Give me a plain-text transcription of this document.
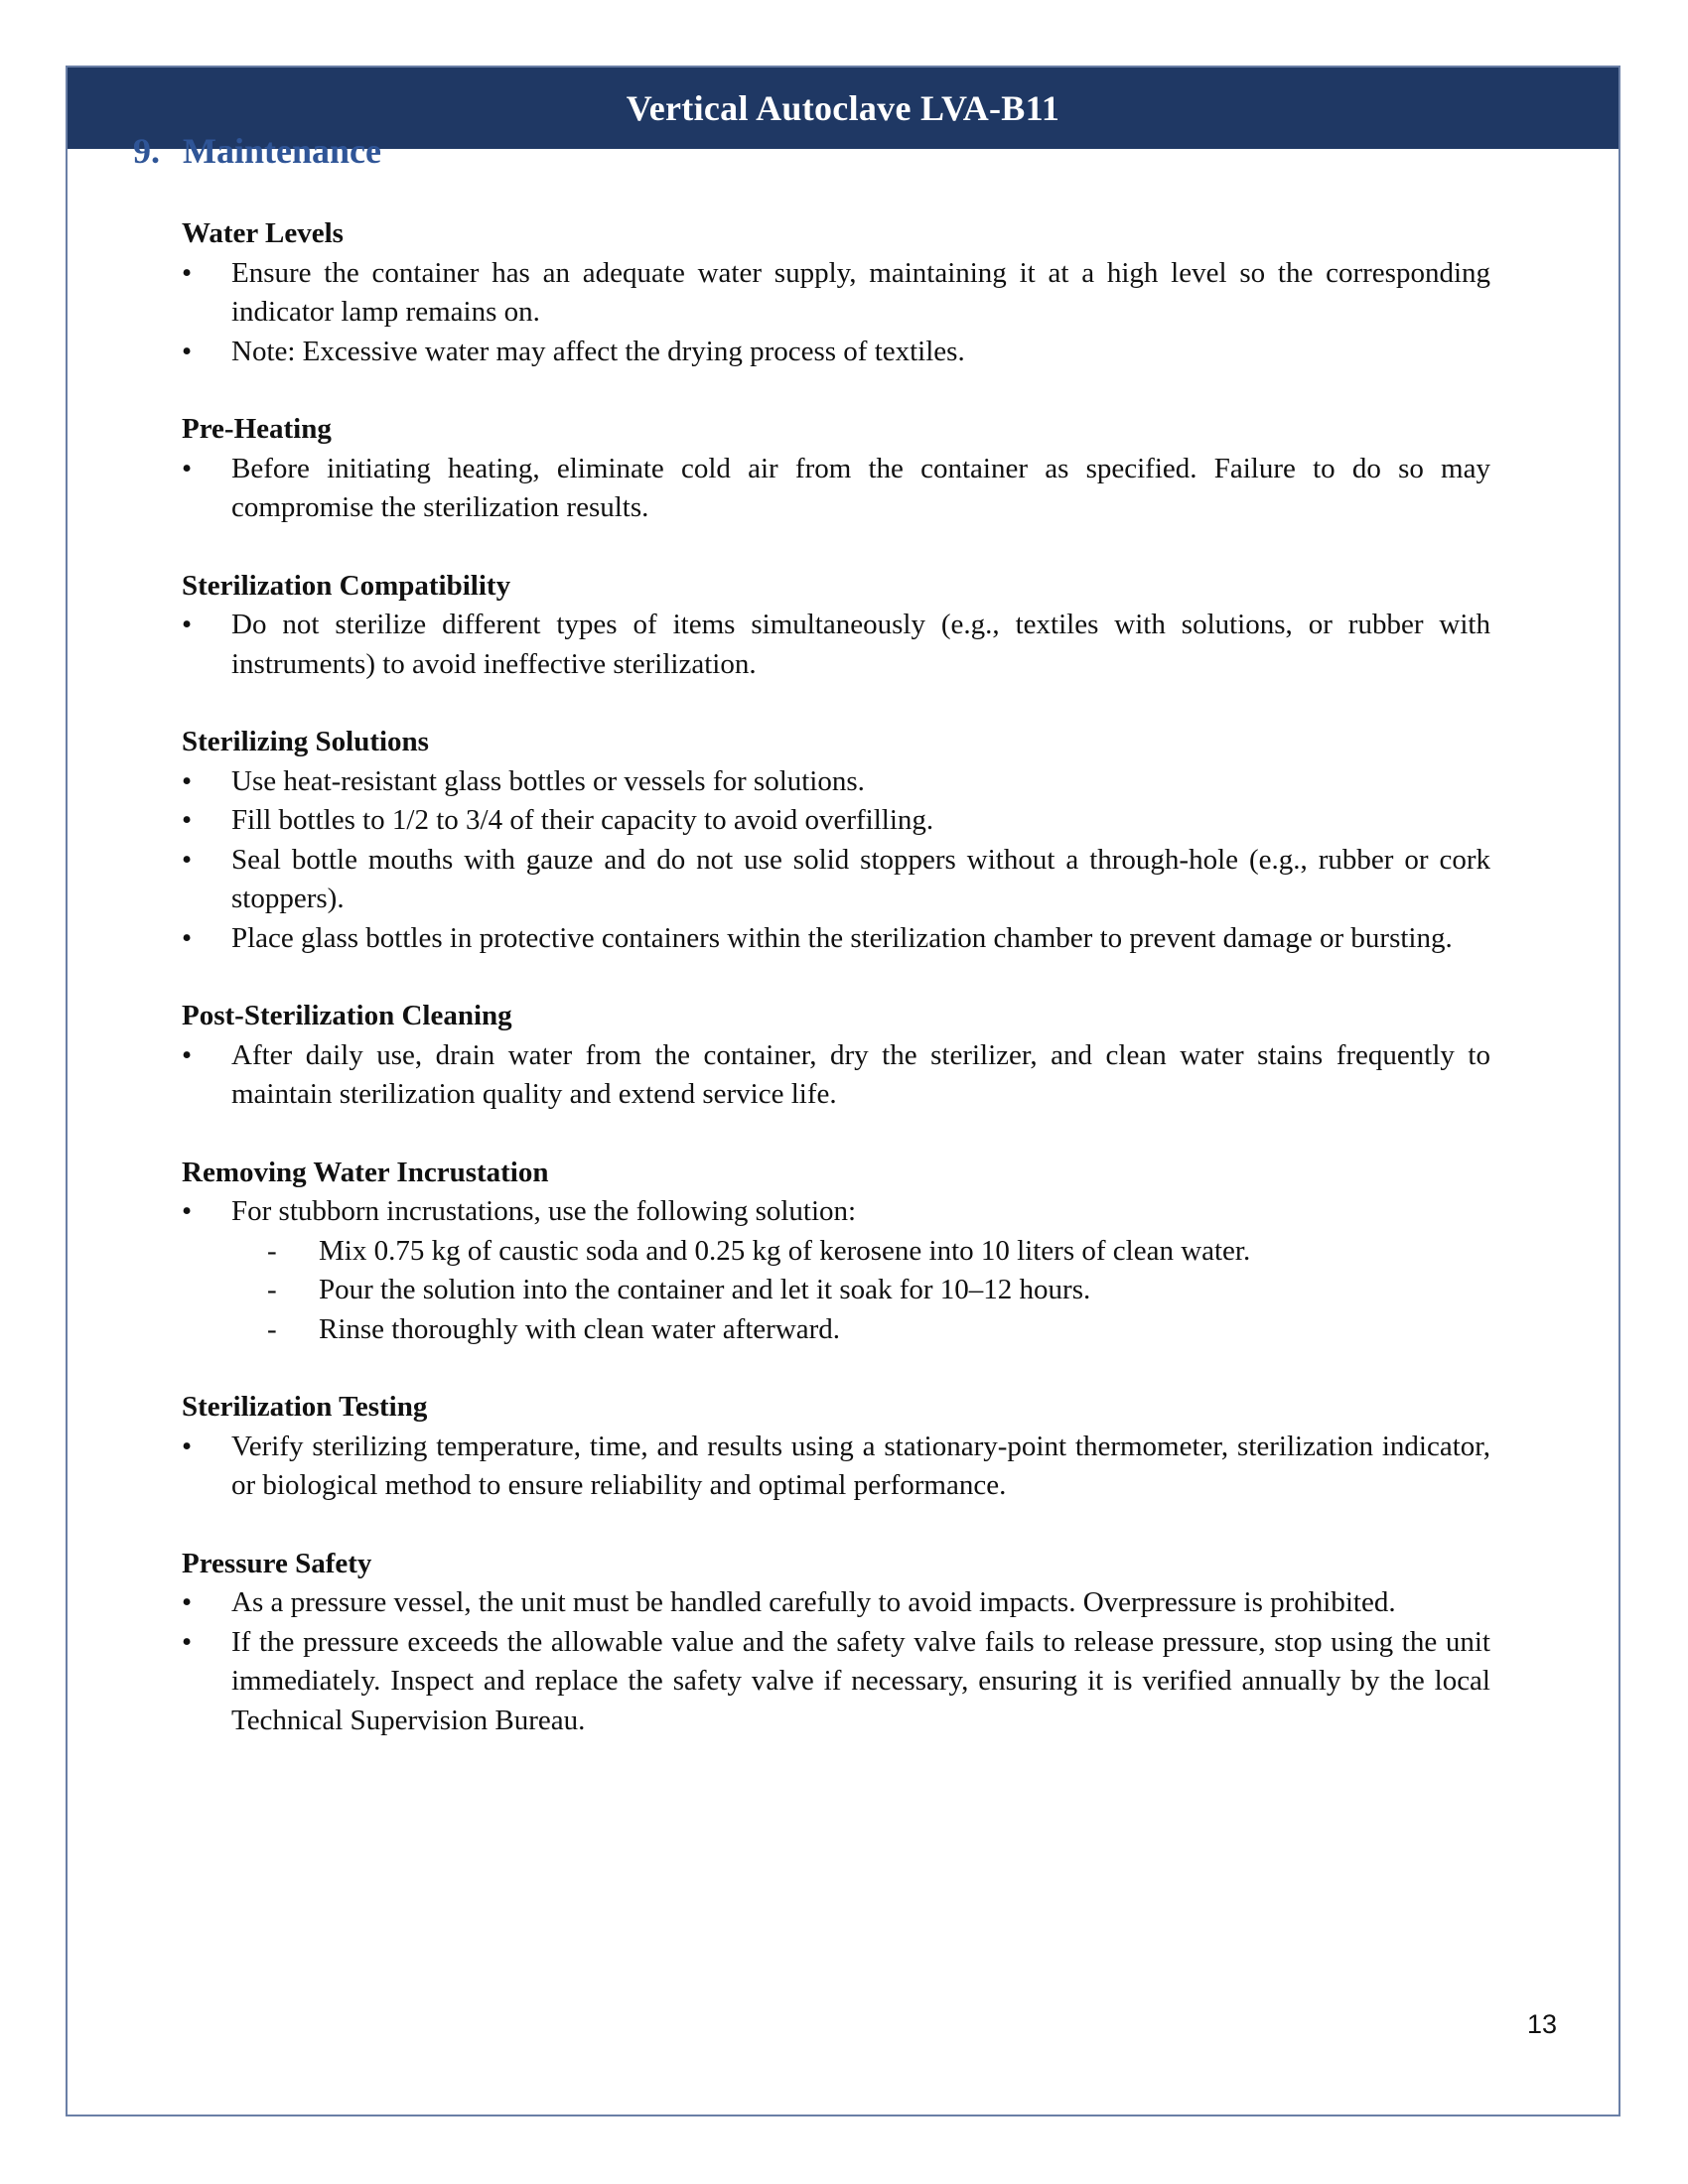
Vertical Autoclave LVA-B11
9. Maintenance
Water Levels
• Ensure the container has an adequate water supply, maintaining it at a high level so the corresponding indicator lamp remains on.
• Note: Excessive water may affect the drying process of textiles.
Pre-Heating
• Before initiating heating, eliminate cold air from the container as specified. Failure to do so may compromise the sterilization results.
Sterilization Compatibility
• Do not sterilize different types of items simultaneously (e.g., textiles with solutions, or rubber with instruments) to avoid ineffective sterilization.
Sterilizing Solutions
• Use heat-resistant glass bottles or vessels for solutions.
• Fill bottles to 1/2 to 3/4 of their capacity to avoid overfilling.
• Seal bottle mouths with gauze and do not use solid stoppers without a through-hole (e.g., rubber or cork stoppers).
• Place glass bottles in protective containers within the sterilization chamber to prevent damage or bursting.
Post-Sterilization Cleaning
• After daily use, drain water from the container, dry the sterilizer, and clean water stains frequently to maintain sterilization quality and extend service life.
Removing Water Incrustation
• For stubborn incrustations, use the following solution:
- Mix 0.75 kg of caustic soda and 0.25 kg of kerosene into 10 liters of clean water.
- Pour the solution into the container and let it soak for 10–12 hours.
- Rinse thoroughly with clean water afterward.
Sterilization Testing
• Verify sterilizing temperature, time, and results using a stationary-point thermometer, sterilization indicator, or biological method to ensure reliability and optimal performance.
Pressure Safety
• As a pressure vessel, the unit must be handled carefully to avoid impacts. Overpressure is prohibited.
• If the pressure exceeds the allowable value and the safety valve fails to release pressure, stop using the unit immediately. Inspect and replace the safety valve if necessary, ensuring it is verified annually by the local Technical Supervision Bureau.
13
